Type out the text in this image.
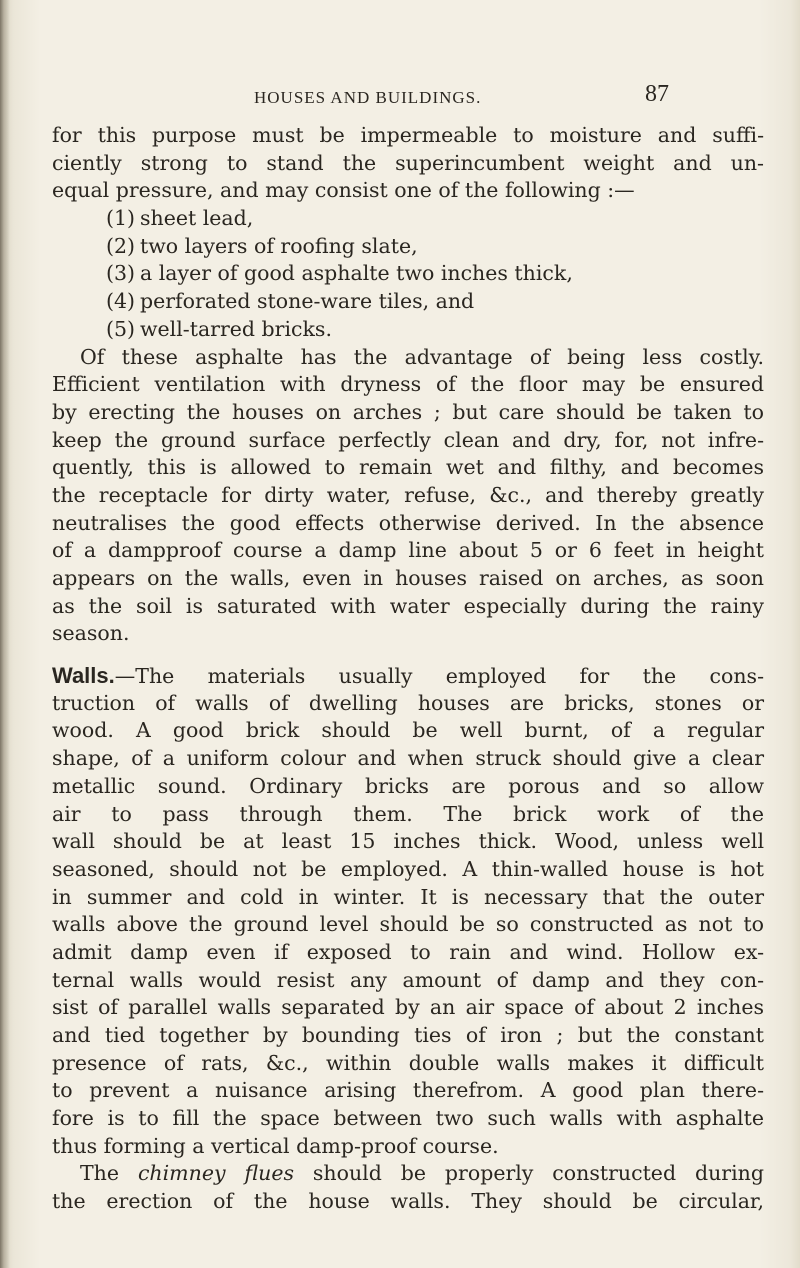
HOUSES AND BUILDINGS.	87
for this purpose must be impermeable to moisture and suffi-
ciently strong to stand the superincumbent weight and un-
equal pressure, and may consist one of the following :—
(1) sheet lead,
(2) two layers of roofing slate,
(3) a layer of good asphalte two inches thick,
(4) perforated stone-ware tiles, and
(5) well-tarred bricks.
Of these asphalte has the advantage of being less costly.
Efficient ventilation with dryness of the floor may be ensured
by erecting the houses on arches ; but care should be taken to
keep the ground surface perfectly clean and dry, for, not infre-
quently, this is allowed to remain wet and filthy, and becomes
the receptacle for dirty water, refuse, &c., and thereby greatly
neutralises the good effects otherwise derived. In the absence
of a dampproof course a damp line about 5 or 6 feet in height
appears on the walls, even in houses raised on arches, as soon
as the soil is saturated with water especially during the rainy
season.
Walls.—The materials usually employed for the cons-
truction of walls of dwelling houses are bricks, stones or
wood. A good brick should be well burnt, of a regular
shape, of a uniform colour and when struck should give a clear
metallic sound. Ordinary bricks are porous and so allow
air to pass through them. The brick work of the
wall should be at least 15 inches thick. Wood, unless well
seasoned, should not be employed. A thin-walled house is hot
in summer and cold in winter. It is necessary that the outer
walls above the ground level should be so constructed as not to
admit damp even if exposed to rain and wind. Hollow ex-
ternal walls would resist any amount of damp and they con-
sist of parallel walls separated by an air space of about 2 inches
and tied together by bounding ties of iron ; but the constant
presence of rats, &c., within double walls makes it difficult
to prevent a nuisance arising therefrom. A good plan there-
fore is to fill the space between two such walls with asphalte
thus forming a vertical damp-proof course.
The chimney flues should be properly constructed during
the erection of the house walls. They should be circular,
